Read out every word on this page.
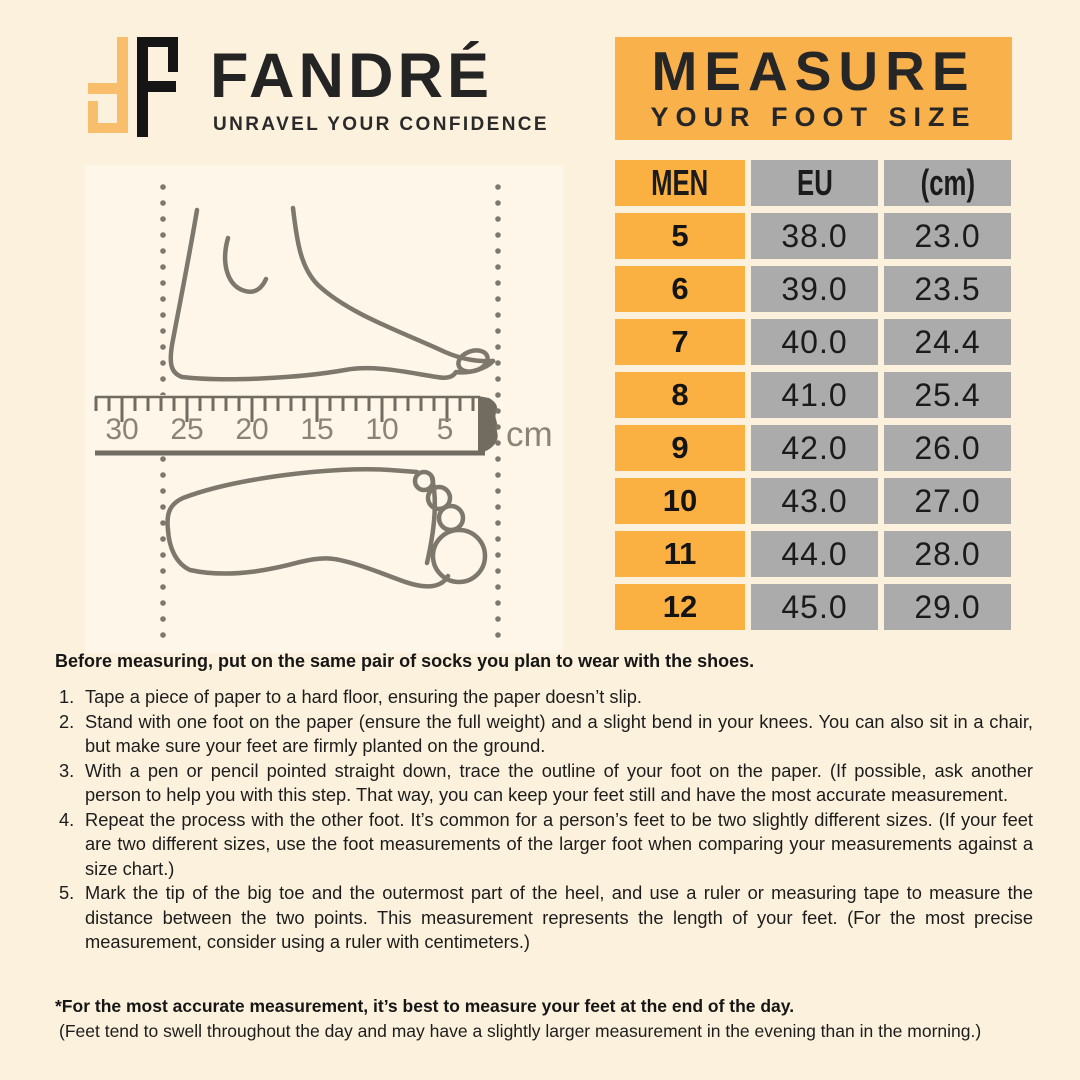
FANDRÉ
UNRAVEL YOUR CONFIDENCE
MEASURE
YOUR FOOT SIZE
30 25 20 15 10 5 cm
MEN	EU	(cm)
5	38.0	23.0
6	39.0	23.5
7	40.0	24.4
8	41.0	25.4
9	42.0	26.0
10	43.0	27.0
11	44.0	28.0
12	45.0	29.0

Before measuring, put on the same pair of socks you plan to wear with the shoes.

Tape a piece of paper to a hard floor, ensuring the paper doesn’t slip.
Stand with one foot on the paper (ensure the full weight) and a slight bend in your knees. You can also sit in a chair, but make sure your feet are firmly planted on the ground.
With a pen or pencil pointed straight down, trace the outline of your foot on the paper. (If possible, ask another person to help you with this step. That way, you can keep your feet still and have the most accurate measurement.
Repeat the process with the other foot. It’s common for a person’s feet to be two slightly different sizes. (If your feet are two different sizes, use the foot measurements of the larger foot when comparing your measurements against a size chart.)
Mark the tip of the big toe and the outermost part of the heel, and use a ruler or measuring tape to measure the distance between the two points. This measurement represents the length of your feet. (For the most precise measurement, consider using a ruler with centimeters.)

*For the most accurate measurement, it’s best to measure your feet at the end of the day.

(Feet tend to swell throughout the day and may have a slightly larger measurement in the evening than in the morning.)
